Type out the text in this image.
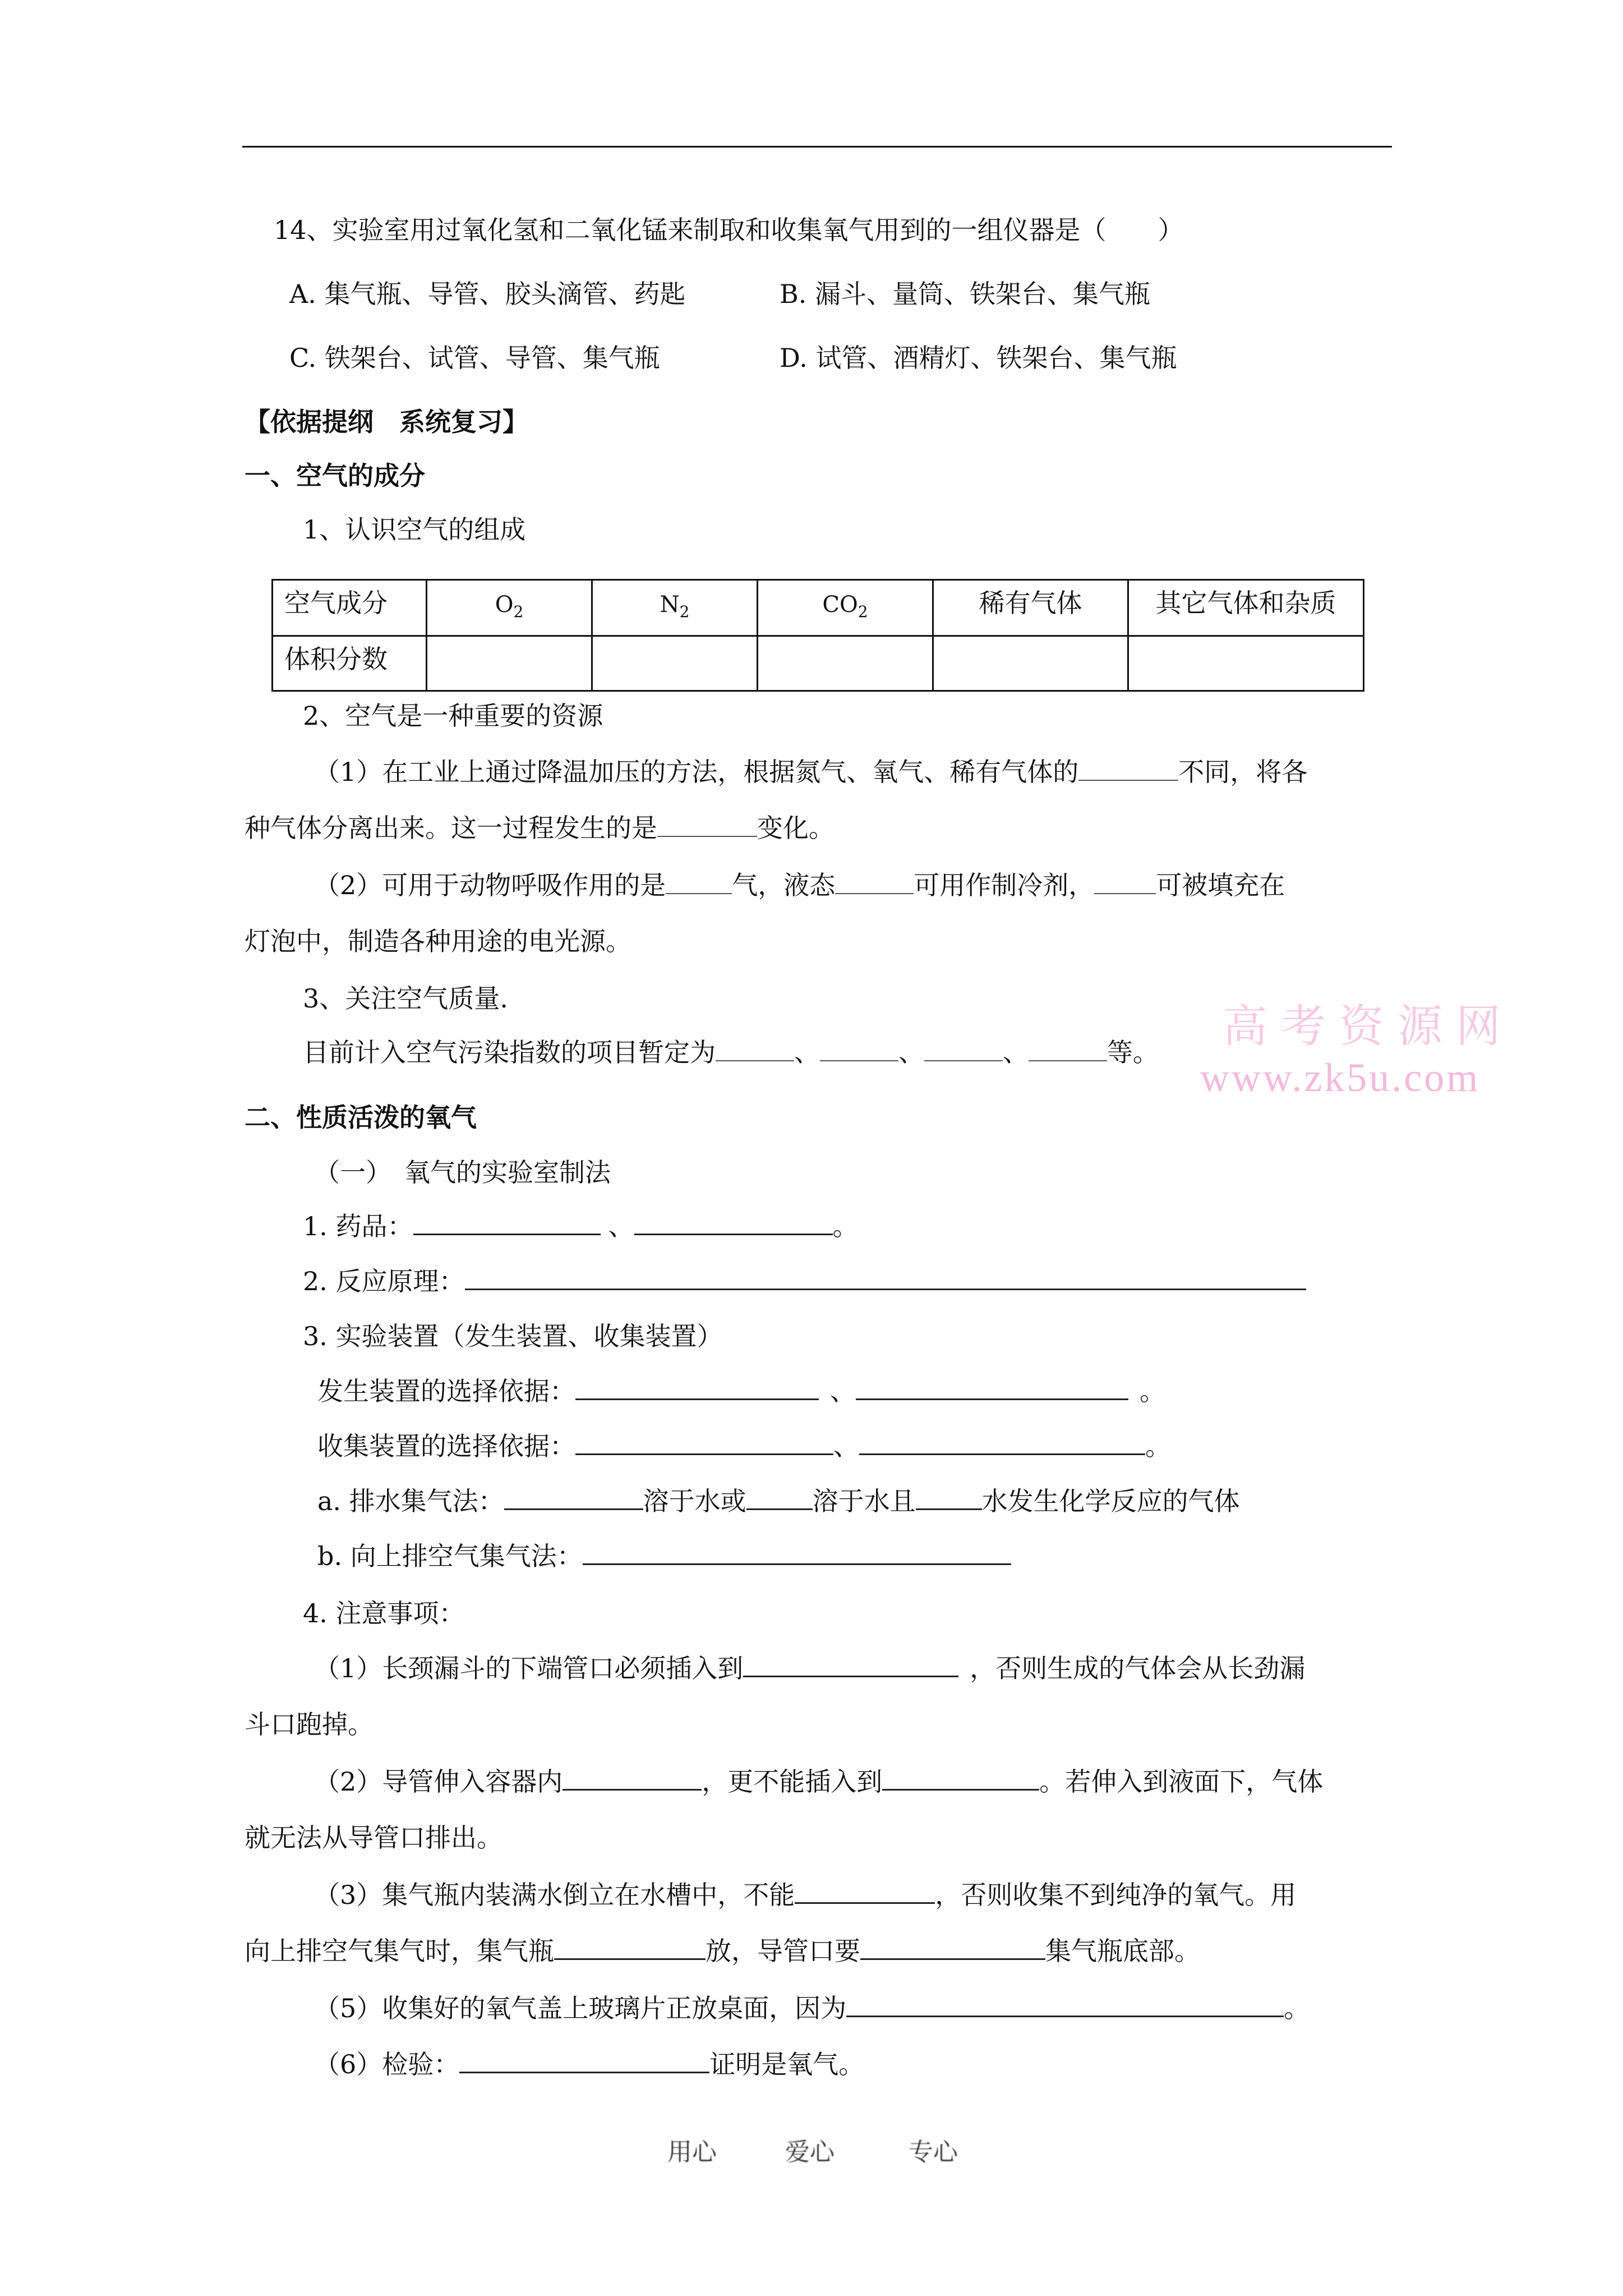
14、实验室用过氧化氢和二氧化锰来制取和收集氧气用到的一组仪器是（　　）
A. 集气瓶、导管、胶头滴管、药匙	B. 漏斗、量筒、铁架台、集气瓶
C. 铁架台、试管、导管、集气瓶	D. 试管、酒精灯、铁架台、集气瓶
【依据提纲　系统复习】
一、空气的成分
1、认识空气的组成
空气成分	$O_2$	$N_2$	$CO_2$	稀有气体	其它气体和杂质
体积分数					
2、空气是一种重要的资源
（1）在工业上通过降温加压的方法，根据氮气、氧气、稀有气体的	不同，将各
种气体分离出来。这一过程发生的是	变化。
（2）可用于动物呼吸作用的是	气，液态	可用作制冷剂， 可被填充在
灯泡中，制造各种用途的电光源。
3、关注空气质量.
目前计入空气污染指数的项目暂定为	、	、	、	等。 高考资源网
www.zk5u.com
二、性质活泼的氧气
（一）　氧气的实验室制法
1. 药品：	、	。
2. 反应原理：
3. 实验装置（发生装置、收集装置）
发生装置的选择依据：	、	。
收集装置的选择依据：	、	。
a. 排水集气法：	溶于水或	溶于水且	水发生化学反应的气体
b. 向上排空气集气法：
4. 注意事项：
（1）长颈漏斗的下端管口必须插入到	，否则生成的气体会从长劲漏
斗口跑掉。
（2）导管伸入容器内	，更不能插入到	。若伸入到液面下，气体
就无法从导管口排出。
（3）集气瓶内装满水倒立在水槽中，不能	，否则收集不到纯净的氧气。用
向上排空气集气时，集气瓶	放，导管口要	集气瓶底部。
（5）收集好的氧气盖上玻璃片正放桌面，因为	。
（6）检验：	证明是氧气。
用心	爱心	专心
